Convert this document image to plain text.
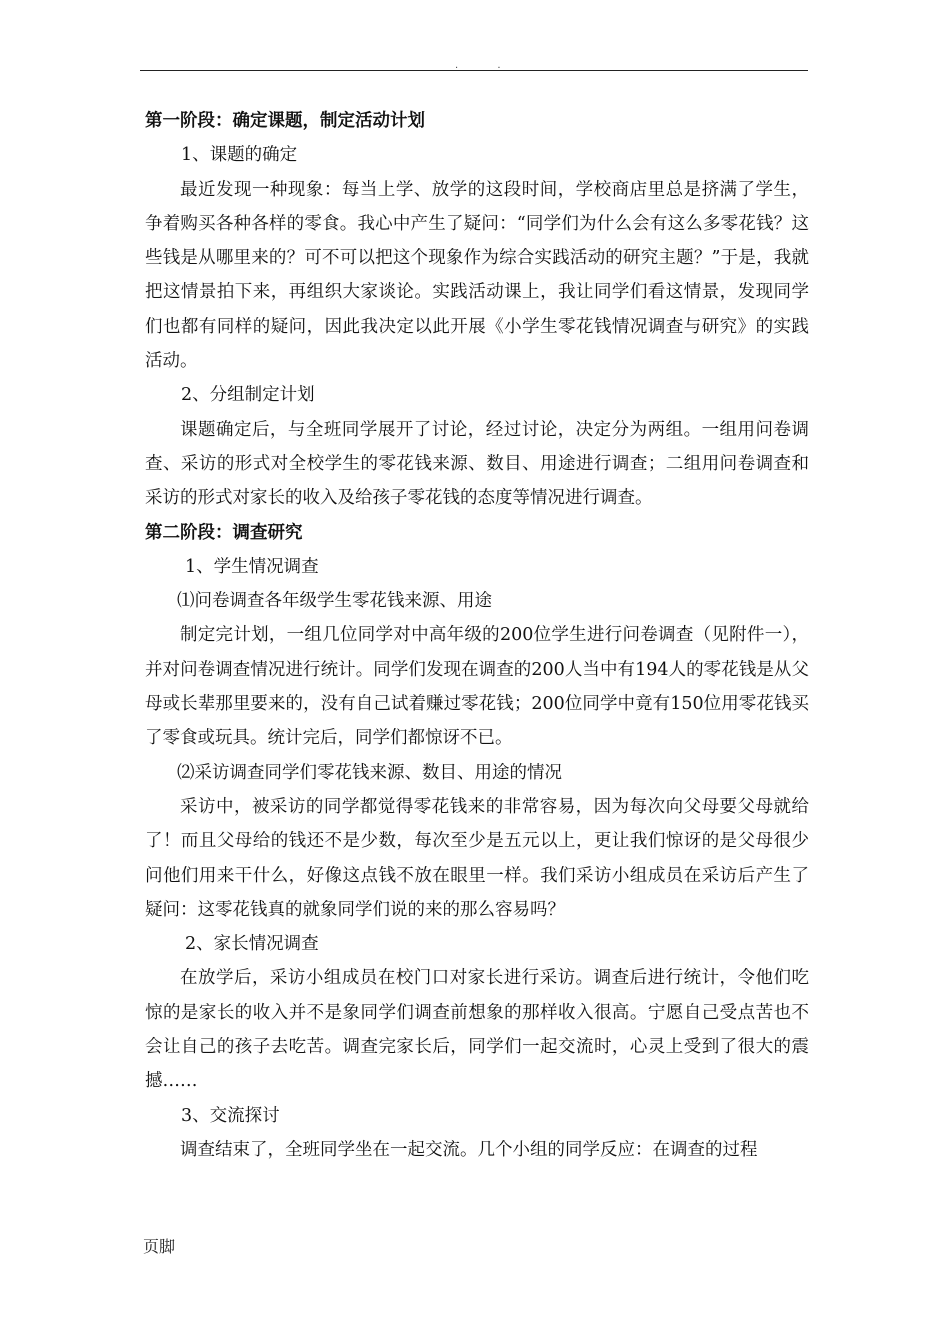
. .

第一阶段：确定课题，制定活动计划

1、课题的确定

最近发现一种现象：每当上学、放学的这段时间，学校商店里总是挤满了学生，争着购买各种各样的零食。我心中产生了疑问：“同学们为什么会有这么多零花钱？这些钱是从哪里来的？可不可以把这个现象作为综合实践活动的研究主题？”于是，我就把这情景拍下来，再组织大家谈论。实践活动课上，我让同学们看这情景，发现同学们也都有同样的疑问，因此我决定以此开展《小学生零花钱情况调查与研究》的实践活动。

2、分组制定计划

课题确定后，与全班同学展开了讨论，经过讨论，决定分为两组。一组用问卷调查、采访的形式对全校学生的零花钱来源、数目、用途进行调查；二组用问卷调查和采访的形式对家长的收入及给孩子零花钱的态度等情况进行调查。

第二阶段：调查研究

1、学生情况调查

⑴问卷调查各年级学生零花钱来源、用途

制定完计划，一组几位同学对中高年级的200位学生进行问卷调查（见附件一），并对问卷调查情况进行统计。同学们发现在调查的200人当中有194人的零花钱是从父母或长辈那里要来的，没有自己试着赚过零花钱；200位同学中竟有150位用零花钱买了零食或玩具。统计完后，同学们都惊讶不已。

⑵采访调查同学们零花钱来源、数目、用途的情况

采访中，被采访的同学都觉得零花钱来的非常容易，因为每次向父母要父母就给了！而且父母给的钱还不是少数，每次至少是五元以上，更让我们惊讶的是父母很少问他们用来干什么，好像这点钱不放在眼里一样。我们采访小组成员在采访后产生了疑问：这零花钱真的就象同学们说的来的那么容易吗？

2、家长情况调查

在放学后，采访小组成员在校门口对家长进行采访。调查后进行统计，令他们吃惊的是家长的收入并不是象同学们调查前想象的那样收入很高。宁愿自己受点苦也不会让自己的孩子去吃苦。调查完家长后，同学们一起交流时，心灵上受到了很大的震撼……

3、交流探讨

调查结束了，全班同学坐在一起交流。几个小组的同学反应：在调查的过程

页脚
